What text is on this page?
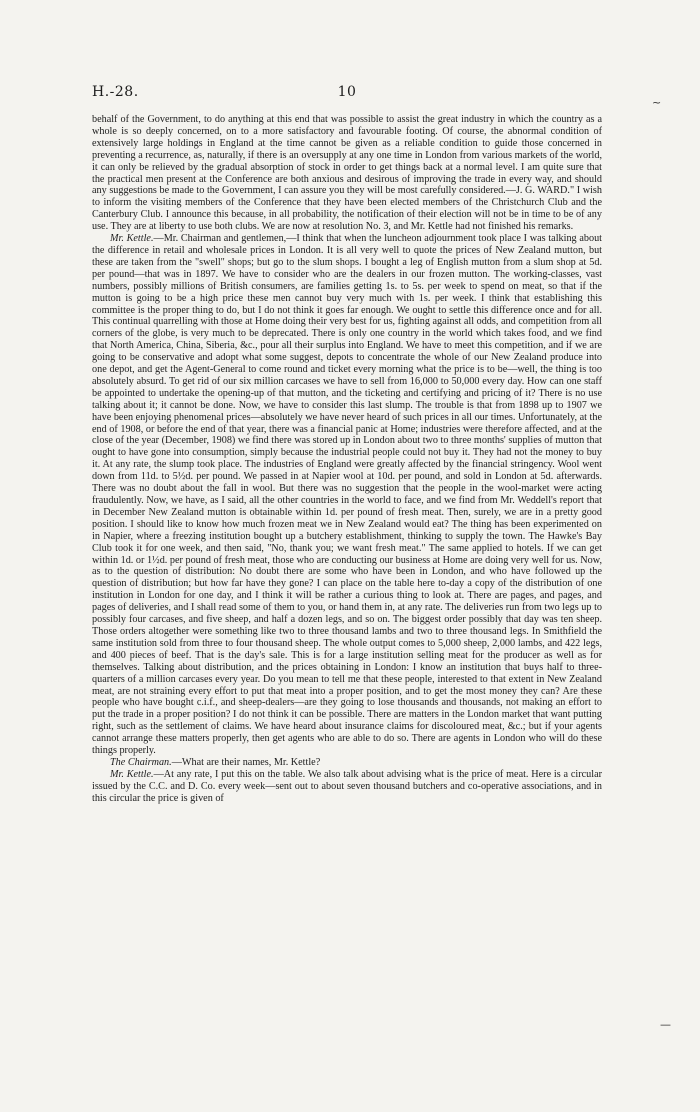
H.-28.	10

behalf of the Government, to do anything at this end that was possible to assist the great industry in which the country as a whole is so deeply concerned, on to a more satisfactory and favourable footing. Of course, the abnormal condition of extensively large holdings in England at the time cannot be given as a reliable condition to guide those concerned in preventing a recurrence, as, naturally, if there is an oversupply at any one time in London from various markets of the world, it can only be relieved by the gradual absorption of stock in order to get things back at a normal level. I am quite sure that the practical men present at the Conference are both anxious and desirous of improving the trade in every way, and should any suggestions be made to the Government, I can assure you they will be most carefully considered.—J. G. WARD." I wish to inform the visiting members of the Conference that they have been elected members of the Christchurch Club and the Canterbury Club. I announce this because, in all probability, the notification of their election will not be in time to be of any use. They are at liberty to use both clubs. We are now at resolution No. 3, and Mr. Kettle had not finished his remarks.

Mr. Kettle.—Mr. Chairman and gentlemen,—I think that when the luncheon adjournment took place I was talking about the difference in retail and wholesale prices in London. It is all very well to quote the prices of New Zealand mutton, but these are taken from the "swell" shops; but go to the slum shops. I bought a leg of English mutton from a slum shop at 5d. per pound—that was in 1897. We have to consider who are the dealers in our frozen mutton. The working-classes, vast numbers, possibly millions of British consumers, are families getting 1s. to 5s. per week to spend on meat, so that if the mutton is going to be a high price these men cannot buy very much with 1s. per week. I think that establishing this committee is the proper thing to do, but I do not think it goes far enough. We ought to settle this difference once and for all. This continual quarrelling with those at Home doing their very best for us, fighting against all odds, and competition from all corners of the globe, is very much to be deprecated. There is only one country in the world which takes food, and we find that North America, China, Siberia, &c., pour all their surplus into England. We have to meet this competition, and if we are going to be conservative and adopt what some suggest, depots to concentrate the whole of our New Zealand produce into one depot, and get the Agent-General to come round and ticket every morning what the price is to be—well, the thing is too absolutely absurd. To get rid of our six million carcases we have to sell from 16,000 to 50,000 every day. How can one staff be appointed to undertake the opening-up of that mutton, and the ticketing and certifying and pricing of it? There is no use talking about it; it cannot be done. Now, we have to consider this last slump. The trouble is that from 1898 up to 1907 we have been enjoying phenomenal prices—absolutely we have never heard of such prices in all our times. Unfortunately, at the end of 1908, or before the end of that year, there was a financial panic at Home; industries were therefore affected, and at the close of the year (December, 1908) we find there was stored up in London about two to three months' supplies of mutton that ought to have gone into consumption, simply because the industrial people could not buy it. They had not the money to buy it. At any rate, the slump took place. The industries of England were greatly affected by the financial stringency. Wool went down from 11d. to 5½d. per pound. We passed in at Napier wool at 10d. per pound, and sold in London at 5d. afterwards. There was no doubt about the fall in wool. But there was no suggestion that the people in the wool-market were acting fraudulently. Now, we have, as I said, all the other countries in the world to face, and we find from Mr. Weddell's report that in December New Zealand mutton is obtainable within 1d. per pound of fresh meat. Then, surely, we are in a pretty good position. I should like to know how much frozen meat we in New Zealand would eat? The thing has been experimented on in Napier, where a freezing institution bought up a butchery establishment, thinking to supply the town. The Hawke's Bay Club took it for one week, and then said, "No, thank you; we want fresh meat." The same applied to hotels. If we can get within 1d. or 1½d. per pound of fresh meat, those who are conducting our business at Home are doing very well for us. Now, as to the question of distribution: No doubt there are some who have been in London, and who have followed up the question of distribution; but how far have they gone? I can place on the table here to-day a copy of the distribution of one institution in London for one day, and I think it will be rather a curious thing to look at. There are pages, and pages, and pages of deliveries, and I shall read some of them to you, or hand them in, at any rate. The deliveries run from two legs up to possibly four carcases, and five sheep, and half a dozen legs, and so on. The biggest order possibly that day was ten sheep. Those orders altogether were something like two to three thousand lambs and two to three thousand legs. In Smithfield the same institution sold from three to four thousand sheep. The whole output comes to 5,000 sheep, 2,000 lambs, and 422 legs, and 400 pieces of beef. That is the day's sale. This is for a large institution selling meat for the producer as well as for themselves. Talking about distribution, and the prices obtaining in London: I know an institution that buys half to three-quarters of a million carcases every year. Do you mean to tell me that these people, interested to that extent in New Zealand meat, are not straining every effort to put that meat into a proper position, and to get the most money they can? Are these people who have bought c.i.f., and sheep-dealers—are they going to lose thousands and thousands, not making an effort to put the trade in a proper position? I do not think it can be possible. There are matters in the London market that want putting right, such as the settlement of claims. We have heard about insurance claims for discoloured meat, &c.; but if your agents cannot arrange these matters properly, then get agents who are able to do so. There are agents in London who will do these things properly.

The Chairman.—What are their names, Mr. Kettle?

Mr. Kettle.—At any rate, I put this on the table. We also talk about advising what is the price of meat. Here is a circular issued by the C.C. and D. Co. every week—sent out to about seven thousand butchers and co-operative associations, and in this circular the price is given of

~
—
